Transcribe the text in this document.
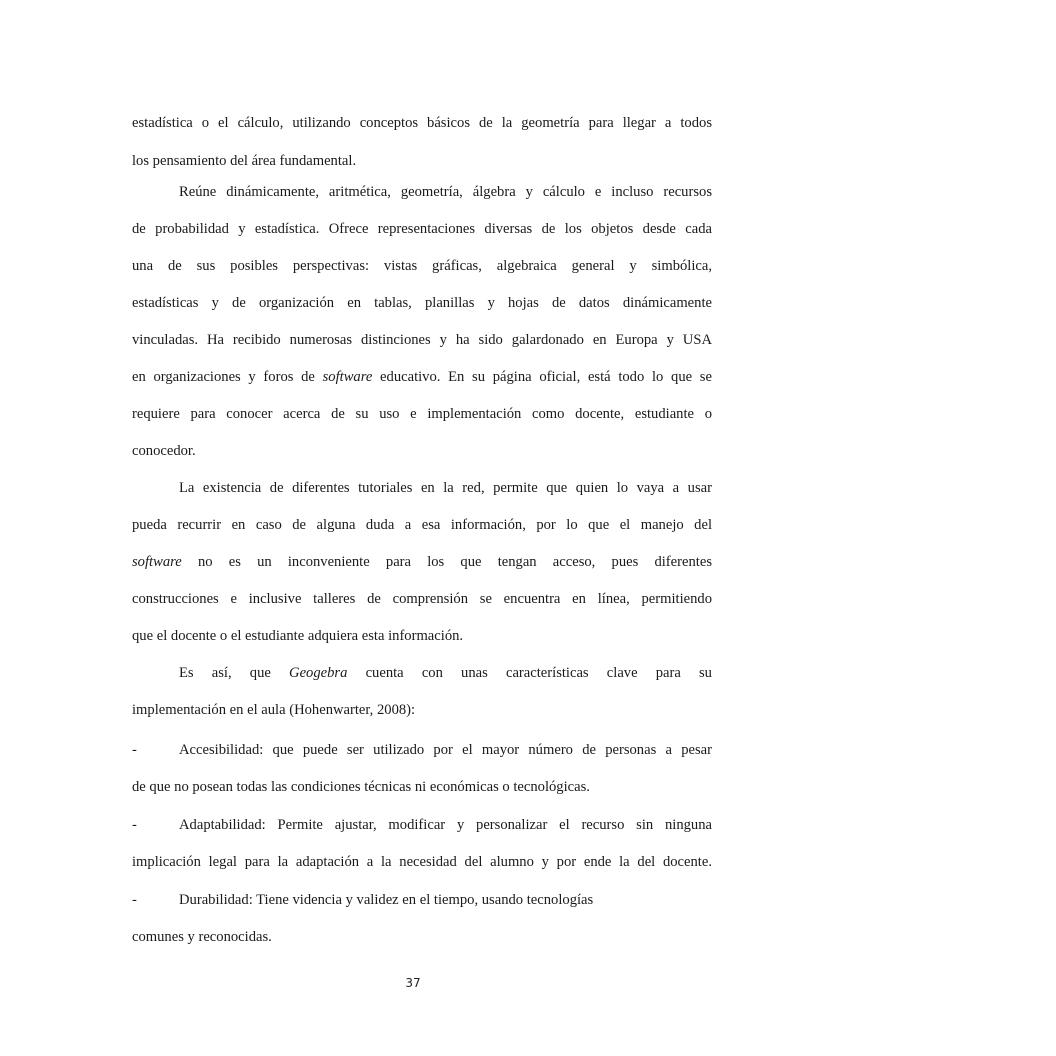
estadística o el cálculo, utilizando conceptos básicos de la geometría para llegar a todos
los pensamiento del área fundamental.
Reúne dinámicamente, aritmética, geometría, álgebra y cálculo e incluso recursos
de probabilidad y estadística. Ofrece representaciones diversas de los objetos desde cada
una de sus posibles perspectivas: vistas gráficas, algebraica general y simbólica,
estadísticas y de organización en tablas, planillas y hojas de datos dinámicamente
vinculadas. Ha recibido numerosas distinciones y ha sido galardonado en Europa y USA
en organizaciones y foros de software educativo. En su página oficial, está todo lo que se
requiere para conocer acerca de su uso e implementación como docente, estudiante o
conocedor.
La existencia de diferentes tutoriales en la red, permite que quien lo vaya a usar
pueda recurrir en caso de alguna duda a esa información, por lo que el manejo del
software no es un inconveniente para los que tengan acceso, pues diferentes
construcciones e inclusive talleres de comprensión se encuentra en línea, permitiendo
que el docente o el estudiante adquiera esta información.
Es así, que Geogebra cuenta con unas características clave para su
implementación en el aula (Hohenwarter, 2008):
-	Accesibilidad: que puede ser utilizado por el mayor número de personas a pesar
de que no posean todas las condiciones técnicas ni económicas o tecnológicas.
-	Adaptabilidad: Permite ajustar, modificar y personalizar el recurso sin ninguna
implicación legal para la adaptación a la necesidad del alumno y por ende la del docente.
-	Durabilidad: Tiene videncia y validez en el tiempo, usando tecnologías
comunes y reconocidas.
37
